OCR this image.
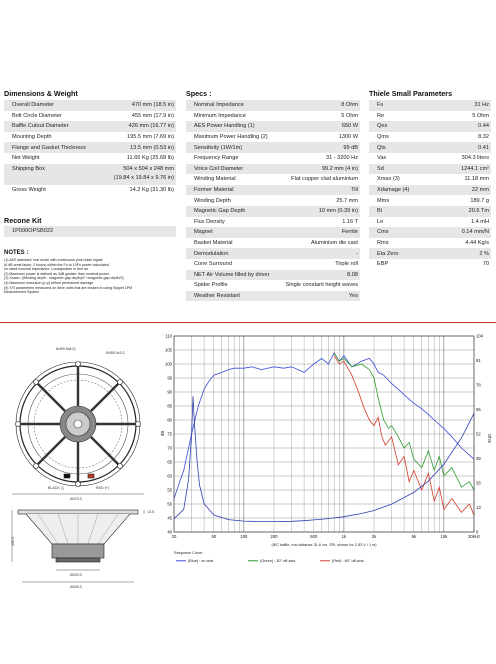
Dimensions & Weight
Overall Diameter	470 mm (18.5 in)
Bolt Circle Diameter	455 mm (17.9 in)
Baffle Cutout Diameter	426 mm (16.77 in)
Mounting Depth	195.5 mm (7.69 in)
Flange and Gasket Thickness	13.5 mm (0.53 in)
Net Weight	11.65 Kg (25.68 lb)
Shipping Box	504 x 504 x 248 mm
(19.84 x 19.84 x 9.76 in)
Gross Weight	14.2 Kg (31.30 lb)
Recone Kit
1P000OPSB022
NOTES :
(1) AES standard, test mode with continuous pink noise signal
(6 dB crest factor, 2 hours) within the Fo to 10Fo power calculated
on rated nominal impedance. Loudspeaker in free air
(2) Maximum power is defined as 3dB greater than nominal power.
(3) Xmax= (Winding depth - magnetic gap depth)/2 +magnetic gap depth/3)
(4) Maximum excursion (p-p) before permanent damage
(5) T/S parameters measured on drive units that are broken in using Klippel LPM
Measurement System
Specs :
Nominal Impedance	8 Ohm
Minimum Impedance	5 Ohm
AES Power Handling (1)	650 W
Maximum Power Handling (2)	1300 W
Sensitivity (1W/1m)	99 dB
Frequency Range	31 - 3200 Hz
Voice Coil Diameter	99.2 mm (4 in)
Winding Material	Flat copper clad aluminium
Former Material	Tiil
Winding Depth	25.7 mm
Magnetic Gap Depth	10 mm (0.39 in)
Flux Density	1.16 T
Magnet	Ferrite
Basket Material	Aluminium die cast
Demodulation	-
Cone Surround	Triple roll
NET Air Volume filled by driver	8.08
Spider Profile	Single constant height waves
Weather Resistant	Yes
Thiele Small Parameters
Fs	31 Hz
Re	5 Ohm
Qes	0.44
Qms	8.32
Qts	0.41
Vas	304.3 liters
Sd	1244.1 cm²
Xmax (3)	11.18 mm
Xdamage (4)	22 mm
Mms	189.7 g
Bl	20.6 Tm
Le	1.4 mH
Cms	0.14 mm/N
Rms	4.44 Kg/s
Eta Zero	2 %
EBP	70
8xØ9.5x8.0)
Ø455.0±0.2
BLACK (-)	RED (+)
Ø470.0
195.5
13.5
Ø220.0
Ø426.0
20	50	100	200	500	1k	2k	5k	10k	20kHz
110
105
100
95
90
85
80
75
70
65
60
55
50
45
40
104
91
78
65
52
39
26
13
0
dB
Ohm
(IEC baffle, mic.distance 31.6 cm, SPL shown for 2.83 V / 1 m)
Response Curve :
(Blue) : on axis	(Green) : 30° off-axis	(Red) : 60° off-axis
